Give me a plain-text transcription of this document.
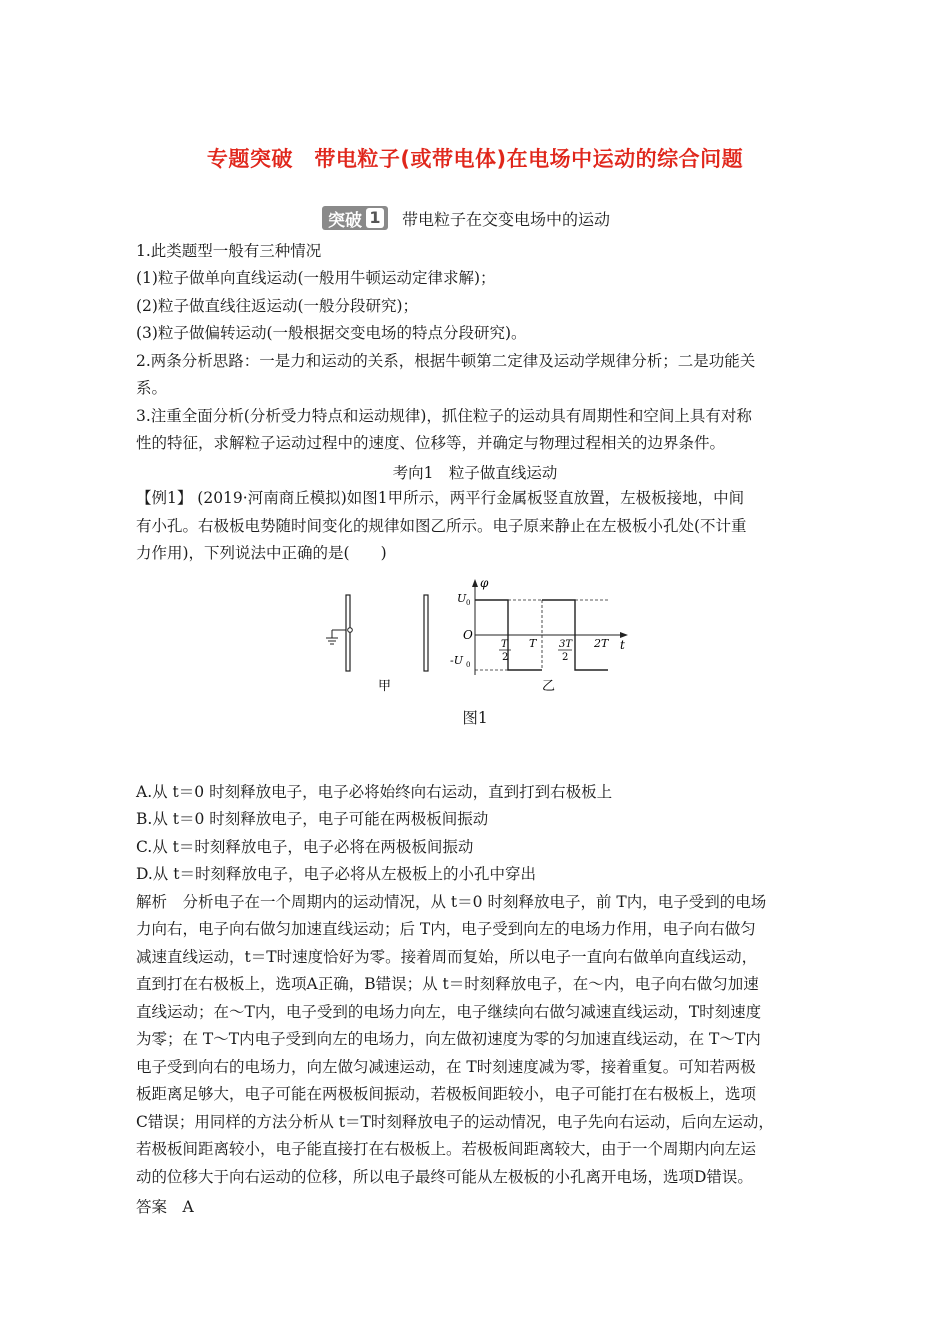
专题突破　带电粒子(或带电体)在电场中运动的综合问题
突破 1 带电粒子在交变电场中的运动
1.此类题型一般有三种情况
(1)粒子做单向直线运动(一般用牛顿运动定律求解)；
(2)粒子做直线往返运动(一般分段研究)；
(3)粒子做偏转运动(一般根据交变电场的特点分段研究)。
2.两条分析思路：一是力和运动的关系，根据牛顿第二定律及运动学规律分析；二是功能关
系。
3.注重全面分析(分析受力特点和运动规律)，抓住粒子的运动具有周期性和空间上具有对称
性的特征，求解粒子运动过程中的速度、位移等，并确定与物理过程相关的边界条件。
考向1　粒子做直线运动
【例1】 (2019·河南商丘模拟)如图1甲所示，两平行金属板竖直放置，左极板接地，中间
有小孔。右极板电势随时间变化的规律如图乙所示。电子原来静止在左极板小孔处(不计重
力作用)，下列说法中正确的是(　　)
甲
φ
t
O
U 0
-U 0
T
2
T 3T
2
2T
乙
图1
A.从 t＝0 时刻释放电子，电子必将始终向右运动，直到打到右极板上
B.从 t＝0 时刻释放电子，电子可能在两极板间振动
C.从 t＝时刻释放电子，电子必将在两极板间振动
D.从 t＝时刻释放电子，电子必将从左极板上的小孔中穿出
解析　分析电子在一个周期内的运动情况，从 t＝0 时刻释放电子，前 T内，电子受到的电场
力向右，电子向右做匀加速直线运动；后 T内，电子受到向左的电场力作用，电子向右做匀
减速直线运动，t＝T时速度恰好为零。接着周而复始，所以电子一直向右做单向直线运动，
直到打在右极板上，选项A正确，B错误；从 t＝时刻释放电子，在～内，电子向右做匀加速
直线运动；在～T内，电子受到的电场力向左，电子继续向右做匀减速直线运动，T时刻速度
为零；在 T～T内电子受到向左的电场力，向左做初速度为零的匀加速直线运动，在 T～T内
电子受到向右的电场力，向左做匀减速运动，在 T时刻速度减为零，接着重复。可知若两极
板距离足够大，电子可能在两极板间振动，若极板间距较小，电子可能打在右极板上，选项
C错误；用同样的方法分析从 t＝T时刻释放电子的运动情况，电子先向右运动，后向左运动，
若极板间距离较小，电子能直接打在右极板上。若极板间距离较大，由于一个周期内向左运
动的位移大于向右运动的位移，所以电子最终可能从左极板的小孔离开电场，选项D错误。
答案　A
